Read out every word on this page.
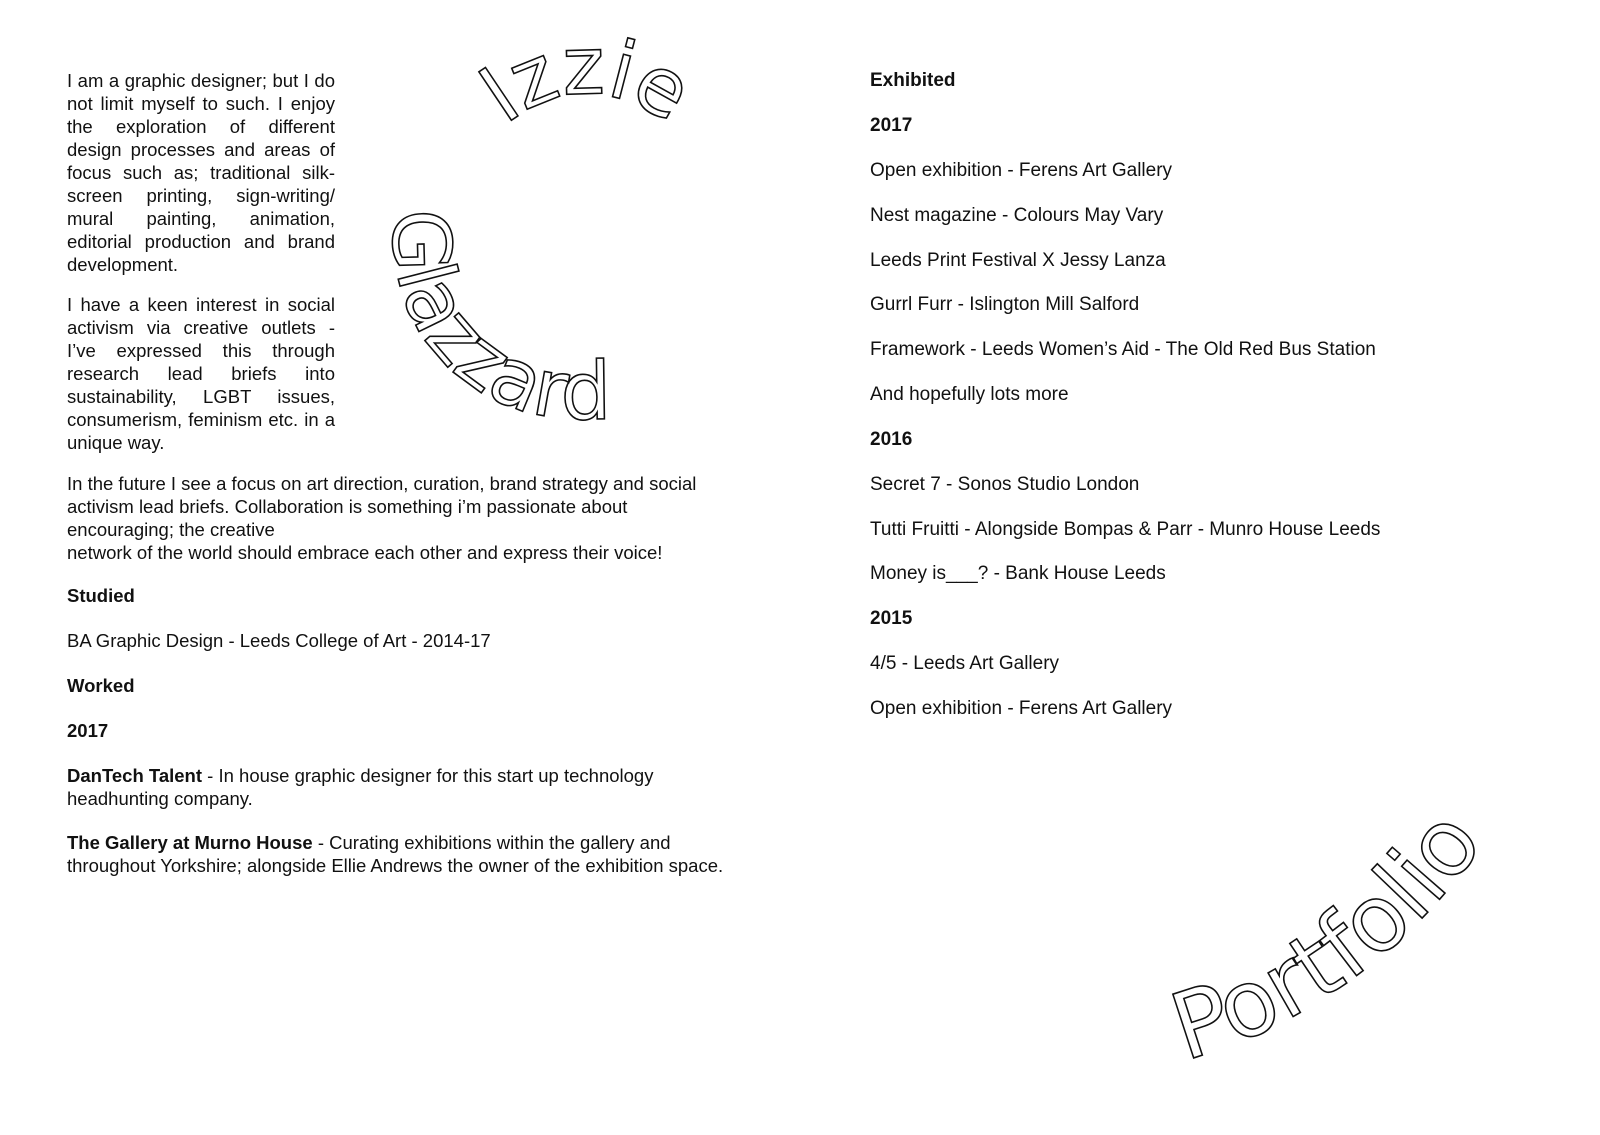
Izzie
Glazzard
Portfolio

I am a graphic designer; but I do not limit myself to such. I enjoy the exploration of different design processes and areas of focus such as; traditional silk-screen printing, sign-writing/ mural painting, animation, editorial production and brand development.

I have a keen interest in social activism via creative outlets - I’ve expressed this through research lead briefs into sustainability, LGBT issues, consumerism, feminism etc. in a unique way.

In the future I see a focus on art direction, curation, brand strategy and social activism lead briefs. Collaboration is something i’m passionate about encouraging; the creative
network of the world should embrace each other and express their voice!

Studied

BA Graphic Design - Leeds College of Art - 2014-17

Worked

2017

DanTech Talent - In house graphic designer for this start up technology headhunting company.

The Gallery at Murno House - Curating exhibitions within the gallery and throughout Yorkshire; alongside Ellie Andrews the owner of the exhibition space.

Exhibited
2017
Open exhibition - Ferens Art Gallery
Nest magazine - Colours May Vary
Leeds Print Festival X Jessy Lanza
Gurrl Furr - Islington Mill Salford
Framework - Leeds Women’s Aid - The Old Red Bus Station
And hopefully lots more
2016
Secret 7 - Sonos Studio London
Tutti Fruitti - Alongside Bompas & Parr - Munro House Leeds
Money is___? - Bank House Leeds
2015
4/5 - Leeds Art Gallery
Open exhibition - Ferens Art Gallery
